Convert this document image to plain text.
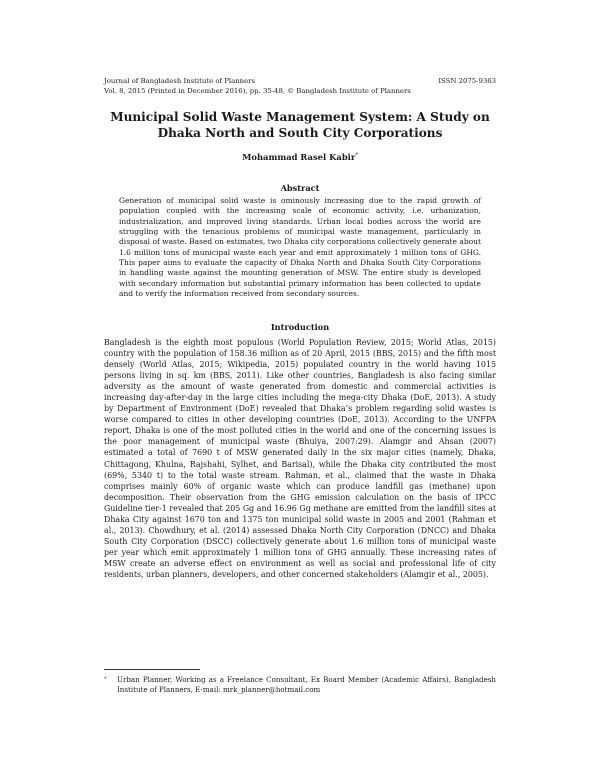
Journal of Bangladesh Institute of Planners	ISSN 2075-9363
Vol. 8, 2015 (Printed in December 2016), pp. 35-48, © Bangladesh Institute of Planners
Municipal Solid Waste Management System: A Study on Dhaka North and South City Corporations
Mohammad Rasel Kabir*
Abstract

Generation of municipal solid waste is ominously increasing due to the rapid growth of population coupled with the increasing scale of economic activity, i.e. urbanization, industrialization, and improved living standards. Urban local bodies across the world are struggling with the tenacious problems of municipal waste management, particularly in disposal of waste. Based on estimates, two Dhaka city corporations collectively generate about 1.6 million tons of municipal waste each year and emit approximately 1 million tons of GHG. This paper aims to evaluate the capacity of Dhaka North and Dhaka South City Corporations in handling waste against the mounting generation of MSW. The entire study is developed with secondary information but substantial primary information has been collected to update and to verify the information received from secondary sources.

Introduction

Bangladesh is the eighth most populous (World Population Review, 2015; World Atlas, 2015) country with the population of 158.36 million as of 20 April, 2015 (BBS, 2015) and the fifth most densely (World Atlas, 2015; Wikipedia, 2015) populated country in the world having 1015 persons living in sq. km (BBS, 2011). Like other countries, Bangladesh is also facing similar adversity as the amount of waste generated from domestic and commercial activities is increasing day-after-day in the large cities including the mega-city Dhaka (DoE, 2013). A study by Department of Environment (DoE) revealed that Dhaka’s problem regarding solid wastes is worse compared to cities in other developing countries (DoE, 2013). According to the UNFPA report, Dhaka is one of the most polluted cities in the world and one of the concerning issues is the poor management of municipal waste (Bhuiya, 2007:29). Alamgir and Ahsan (2007) estimated a total of 7690 t of MSW generated daily in the six major cities (namely, Dhaka, Chittagong, Khulna, Rajshahi, Sylhet, and Barisal), while the Dhaka city contributed the most (69%, 5340 t) to the total waste stream. Rahman, et al., claimed that the waste in Dhaka comprises mainly 60% of organic waste which can produce landfill gas (methane) upon decomposition. Their observation from the GHG emission calculation on the basis of IPCC Guideline tier-1 revealed that 205 Gg and 16.96 Gg methane are emitted from the landfill sites at Dhaka City against 1670 ton and 1375 ton municipal solid waste in 2005 and 2001 (Rahman et al., 2013). Chowdhury, et al. (2014) assessed Dhaka North City Corporation (DNCC) and Dhaka South City Corporation (DSCC) collectively generate about 1.6 million tons of municipal waste per year which emit approximately 1 million tons of GHG annually. These increasing rates of MSW create an adverse effect on environment as well as social and professional life of city residents, urban planners, developers, and other concerned stakeholders (Alamgir et al., 2005).

* Urban Planner, Working as a Freelance Consultant, Ex Board Member (Academic Affairs), Bangladesh Institute of Planners, E-mail: mrk_planner@hotmail.com
